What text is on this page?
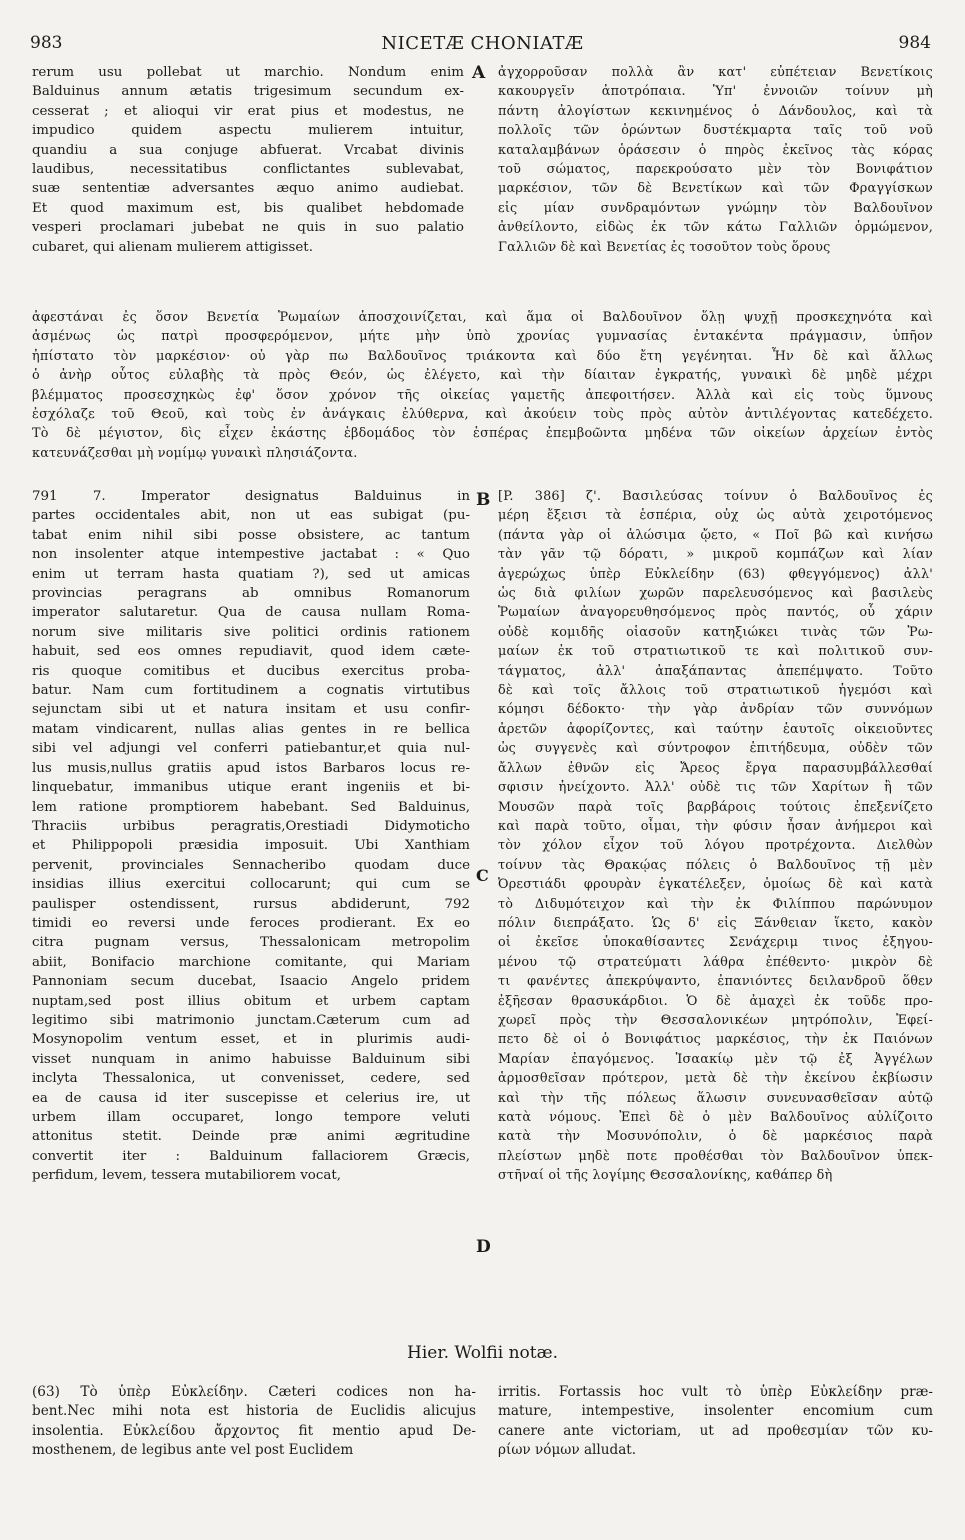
983	NICETÆ CHONIATÆ	984
A
B
C
D
rerum usu pollebat ut marchio. Nondum enim
Balduinus annum ætatis trigesimum secundum ex-
cesserat ; et alioqui vir erat pius et modestus, ne
impudico quidem aspectu mulierem intuitur,
quandiu a sua conjuge abfuerat. Vrcabat divinis
laudibus, necessitatibus conflictantes sublevabat,
suæ sententiæ adversantes æquo animo audiebat.
Et quod maximum est, bis qualibet hebdomade
vesperi proclamari jubebat ne quis in suo palatio
cubaret, qui alienam mulierem attigisset.
ἀγχορροῦσαν πολλὰ ἂν κατ' εὐπέτειαν Βενετίκοις
κακουργεῖν ἀποτρόπαια. Ὑπ' ἐννοιῶν τοίνυν μὴ
πάντη ἀλογίστων κεκινημένος ὁ Δάνδουλος, καὶ τὰ
πολλοῖς τῶν ὁρώντων δυστέκμαρτα ταῖς τοῦ νοῦ
καταλαμβάνων ὁράσεσιν ὁ πηρὸς ἐκεῖνος τὰς κόρας
τοῦ σώματος, παρεκρούσατο μὲν τὸν Βονιφάτιον
μαρκέσιον, τῶν δὲ Βενετίκων καὶ τῶν Φραγγίσκων
εἰς μίαν συνδραμόντων γνώμην τὸν Βαλδουῖνον
ἀνθείλοντο, εἰδὼς ἐκ τῶν κάτω Γαλλιῶν ὁρμώμενον,
Γαλλιῶν δὲ καὶ Βενετίας ἐς τοσοῦτον τοὺς ὅρους
ἀφεστάναι ἐς ὅσον Βενετία Ῥωμαίων ἀποσχοινίζεται, καὶ ἅμα οἱ Βαλδουῖνον ὅλῃ ψυχῇ προσκεχηνότα καὶ
ἀσμένως ὡς πατρὶ προσφερόμενον, μήτε μὴν ὑπὸ χρονίας γυμνασίας ἐντακέντα πράγμασιν, ὑπῆον
ἠπίστατο τὸν μαρκέσιον· οὐ γὰρ πω Βαλδουῖνος τριάκοντα καὶ δύο ἔτη γεγένηται. Ἦν δὲ καὶ ἄλλως
ὁ ἀνὴρ οὗτος εὐλαβὴς τὰ πρὸς Θεόν, ὡς ἐλέγετο, καὶ τὴν δίαιταν ἐγκρατής, γυναικὶ δὲ μηδὲ μέχρι
βλέμματος προσεσχηκὼς ἐφ' ὅσον χρόνον τῆς οἰκείας γαμετῆς ἀπεφοιτήσεν. Ἀλλὰ καὶ εἰς τοὺς ὕμνους
ἐσχόλαζε τοῦ Θεοῦ, καὶ τοὺς ἐν ἀνάγκαις ἐλύθερνα, καὶ ἀκούειν τοὺς πρὸς αὐτὸν ἀντιλέγοντας κατεδέχετο.
Τὸ δὲ μέγιστον, δὶς εἶχεν ἑκάστης ἑβδομάδος τὸν ἑσπέρας ἐπεμβοῶντα μηδένα τῶν οἰκείων ἀρχείων ἐντὸς
κατευνάζεσθαι μὴ νομίμῳ γυναικὶ πλησιάζοντα.
791 7. Imperator designatus Balduinus in
partes occidentales abit, non ut eas subigat (pu-
tabat enim nihil sibi posse obsistere, ac tantum
non insolenter atque intempestive jactabat : « Quo
enim ut terram hasta quatiam ?), sed ut amicas
provincias peragrans ab omnibus Romanorum
imperator salutaretur. Qua de causa nullam Roma-
norum sive militaris sive politici ordinis rationem
habuit, sed eos omnes repudiavit, quod idem cæte-
ris quoque comitibus et ducibus exercitus proba-
batur. Nam cum fortitudinem a cognatis virtutibus
sejunctam sibi ut et natura insitam et usu confir-
matam vindicarent, nullas alias gentes in re bellica
sibi vel adjungi vel conferri patiebantur,et quia nul-
lus musis,nullus gratiis apud istos Barbaros locus re-
linquebatur, immanibus utique erant ingeniis et bi-
lem ratione promptiorem habebant. Sed Balduinus,
Thraciis urbibus peragratis,Orestiadi Didymoticho
et Philippopoli præsidia imposuit. Ubi Xanthiam
pervenit, provinciales Sennacheribo quodam duce
insidias illius exercitui collocarunt; qui cum se
paulisper ostendissent, rursus abdiderunt, 792
timidi eo reversi unde feroces prodierant. Ex eo
citra pugnam versus, Thessalonicam metropolim
abiit, Bonifacio marchione comitante, qui Mariam
Pannoniam secum ducebat, Isaacio Angelo pridem
nuptam,sed post illius obitum et urbem captam
legitimo sibi matrimonio junctam.Cæterum cum ad
Mosynopolim ventum esset, et in plurimis audi-
visset nunquam in animo habuisse Balduinum sibi
inclyta Thessalonica, ut convenisset, cedere, sed
ea de causa id iter suscepisse et celerius ire, ut
urbem illam occuparet, longo tempore veluti
attonitus stetit. Deinde præ animi ægritudine
convertit iter : Balduinum fallaciorem Græcis,
perfidum, levem, tessera mutabiliorem vocat,
[P. 386] ζ'. Βασιλεύσας τοίνυν ὁ Βαλδουῖνος ἐς
μέρη ἔξεισι τὰ ἑσπέρια, οὐχ ὡς αὐτὰ χειροτόμενος
(πάντα γὰρ οἱ ἀλώσιμα ᾤετο, « Ποῖ βῶ καὶ κινήσω
τὰν γᾶν τῷ δόρατι, » μικροῦ κομπάζων καὶ λίαν
ἀγερώχως ὑπὲρ Εὐκλείδην (63) φθεγγόμενος) ἀλλ'
ὡς διὰ φιλίων χωρῶν παρελευσόμενος καὶ βασιλεὺς
Ῥωμαίων ἀναγορευθησόμενος πρὸς παντός, οὗ χάριν
οὐδὲ κομιδῆς οἱασοῦν κατηξιώκει τινὰς τῶν Ῥω-
μαίων ἐκ τοῦ στρατιωτικοῦ τε καὶ πολιτικοῦ συν-
τάγματος, ἀλλ' ἀπαξάπαντας ἀπεπέμψατο. Τοῦτο
δὲ καὶ τοῖς ἄλλοις τοῦ στρατιωτικοῦ ἡγεμόσι καὶ
κόμησι δέδοκτο· τὴν γὰρ ἀνδρίαν τῶν συννόμων
ἀρετῶν ἀφορίζοντες, καὶ ταύτην ἑαυτοῖς οἰκειοῦντες
ὡς συγγενὲς καὶ σύντροφον ἐπιτήδευμα, οὐδὲν τῶν
ἄλλων ἐθνῶν εἰς Ἄρεος ἔργα παρασυμβάλλεσθαί
σφισιν ἠνείχοντο. Ἀλλ' οὐδὲ τις τῶν Χαρίτων ἢ τῶν
Μουσῶν παρὰ τοῖς βαρβάροις τούτοις ἐπεξενίζετο
καὶ παρὰ τοῦτο, οἶμαι, τὴν φύσιν ἦσαν ἀνήμεροι καὶ
τὸν χόλον εἶχον τοῦ λόγου προτρέχοντα. Διελθὼν
τοίνυν τὰς Θρακῴας πόλεις ὁ Βαλδουῖνος τῇ μὲν
Ὀρεστιάδι φρουρὰν ἐγκατέλεξεν, ὁμοίως δὲ καὶ κατὰ
τὸ Διδυμότειχον καὶ τὴν ἐκ Φιλίππου παρώνυμον
πόλιν διεπράξατο. Ὡς δ' εἰς Ξάνθειαν ἵκετο, κακὸν
οἱ ἐκεῖσε ὑποκαθίσαντες Σενάχεριμ τινος ἐξηγου-
μένου τῷ στρατεύματι λάθρα ἐπέθεντο· μικρὸν δὲ
τι φανέντες ἀπεκρύψαντο, ἐπανιόντες δειλανδροῦ ὅθεν
ἐξῆεσαν θρασυκάρδιοι. Ὁ δὲ ἀμαχεὶ ἐκ τοῦδε προ-
χωρεῖ πρὸς τὴν Θεσσαλονικέων μητρόπολιν, Ἐφεί-
πετο δὲ οἱ ὁ Βονιφάτιος μαρκέσιος, τὴν ἐκ Παιόνων
Μαρίαν ἐπαγόμενος. Ἰσαακίῳ μὲν τῷ ἐξ Ἀγγέλων
ἁρμοσθεῖσαν πρότερον, μετὰ δὲ τὴν ἐκείνου ἐκβίωσιν
καὶ τὴν τῆς πόλεως ἅλωσιν συνευνασθεῖσαν αὐτῷ
κατὰ νόμους. Ἐπεὶ δὲ ὁ μὲν Βαλδουῖνος αὐλίζοιτο
κατὰ τὴν Μοσυνόπολιν, ὁ δὲ μαρκέσιος παρὰ
πλείστων μηδὲ ποτε προθέσθαι τὸν Βαλδουῖνον ὑπεκ-
στῆναί οἱ τῆς λογίμης Θεσσαλονίκης, καθάπερ δὴ
Hier. Wolfii notæ.
(63) Τὸ ὑπὲρ Εὐκλείδην. Cæteri codices non ha-
bent.Nec mihi nota est historia de Euclidis alicujus
insolentia. Εὐκλείδου ἄρχοντος fit mentio apud De-
mosthenem, de legibus ante vel post Euclidem
irritis. Fortassis hoc vult τὸ ὑπὲρ Εὐκλείδην præ-
mature, intempestive, insolenter encomium cum
canere ante victoriam, ut ad προθεσμίαν τῶν κυ-
ρίων νόμων alludat.
